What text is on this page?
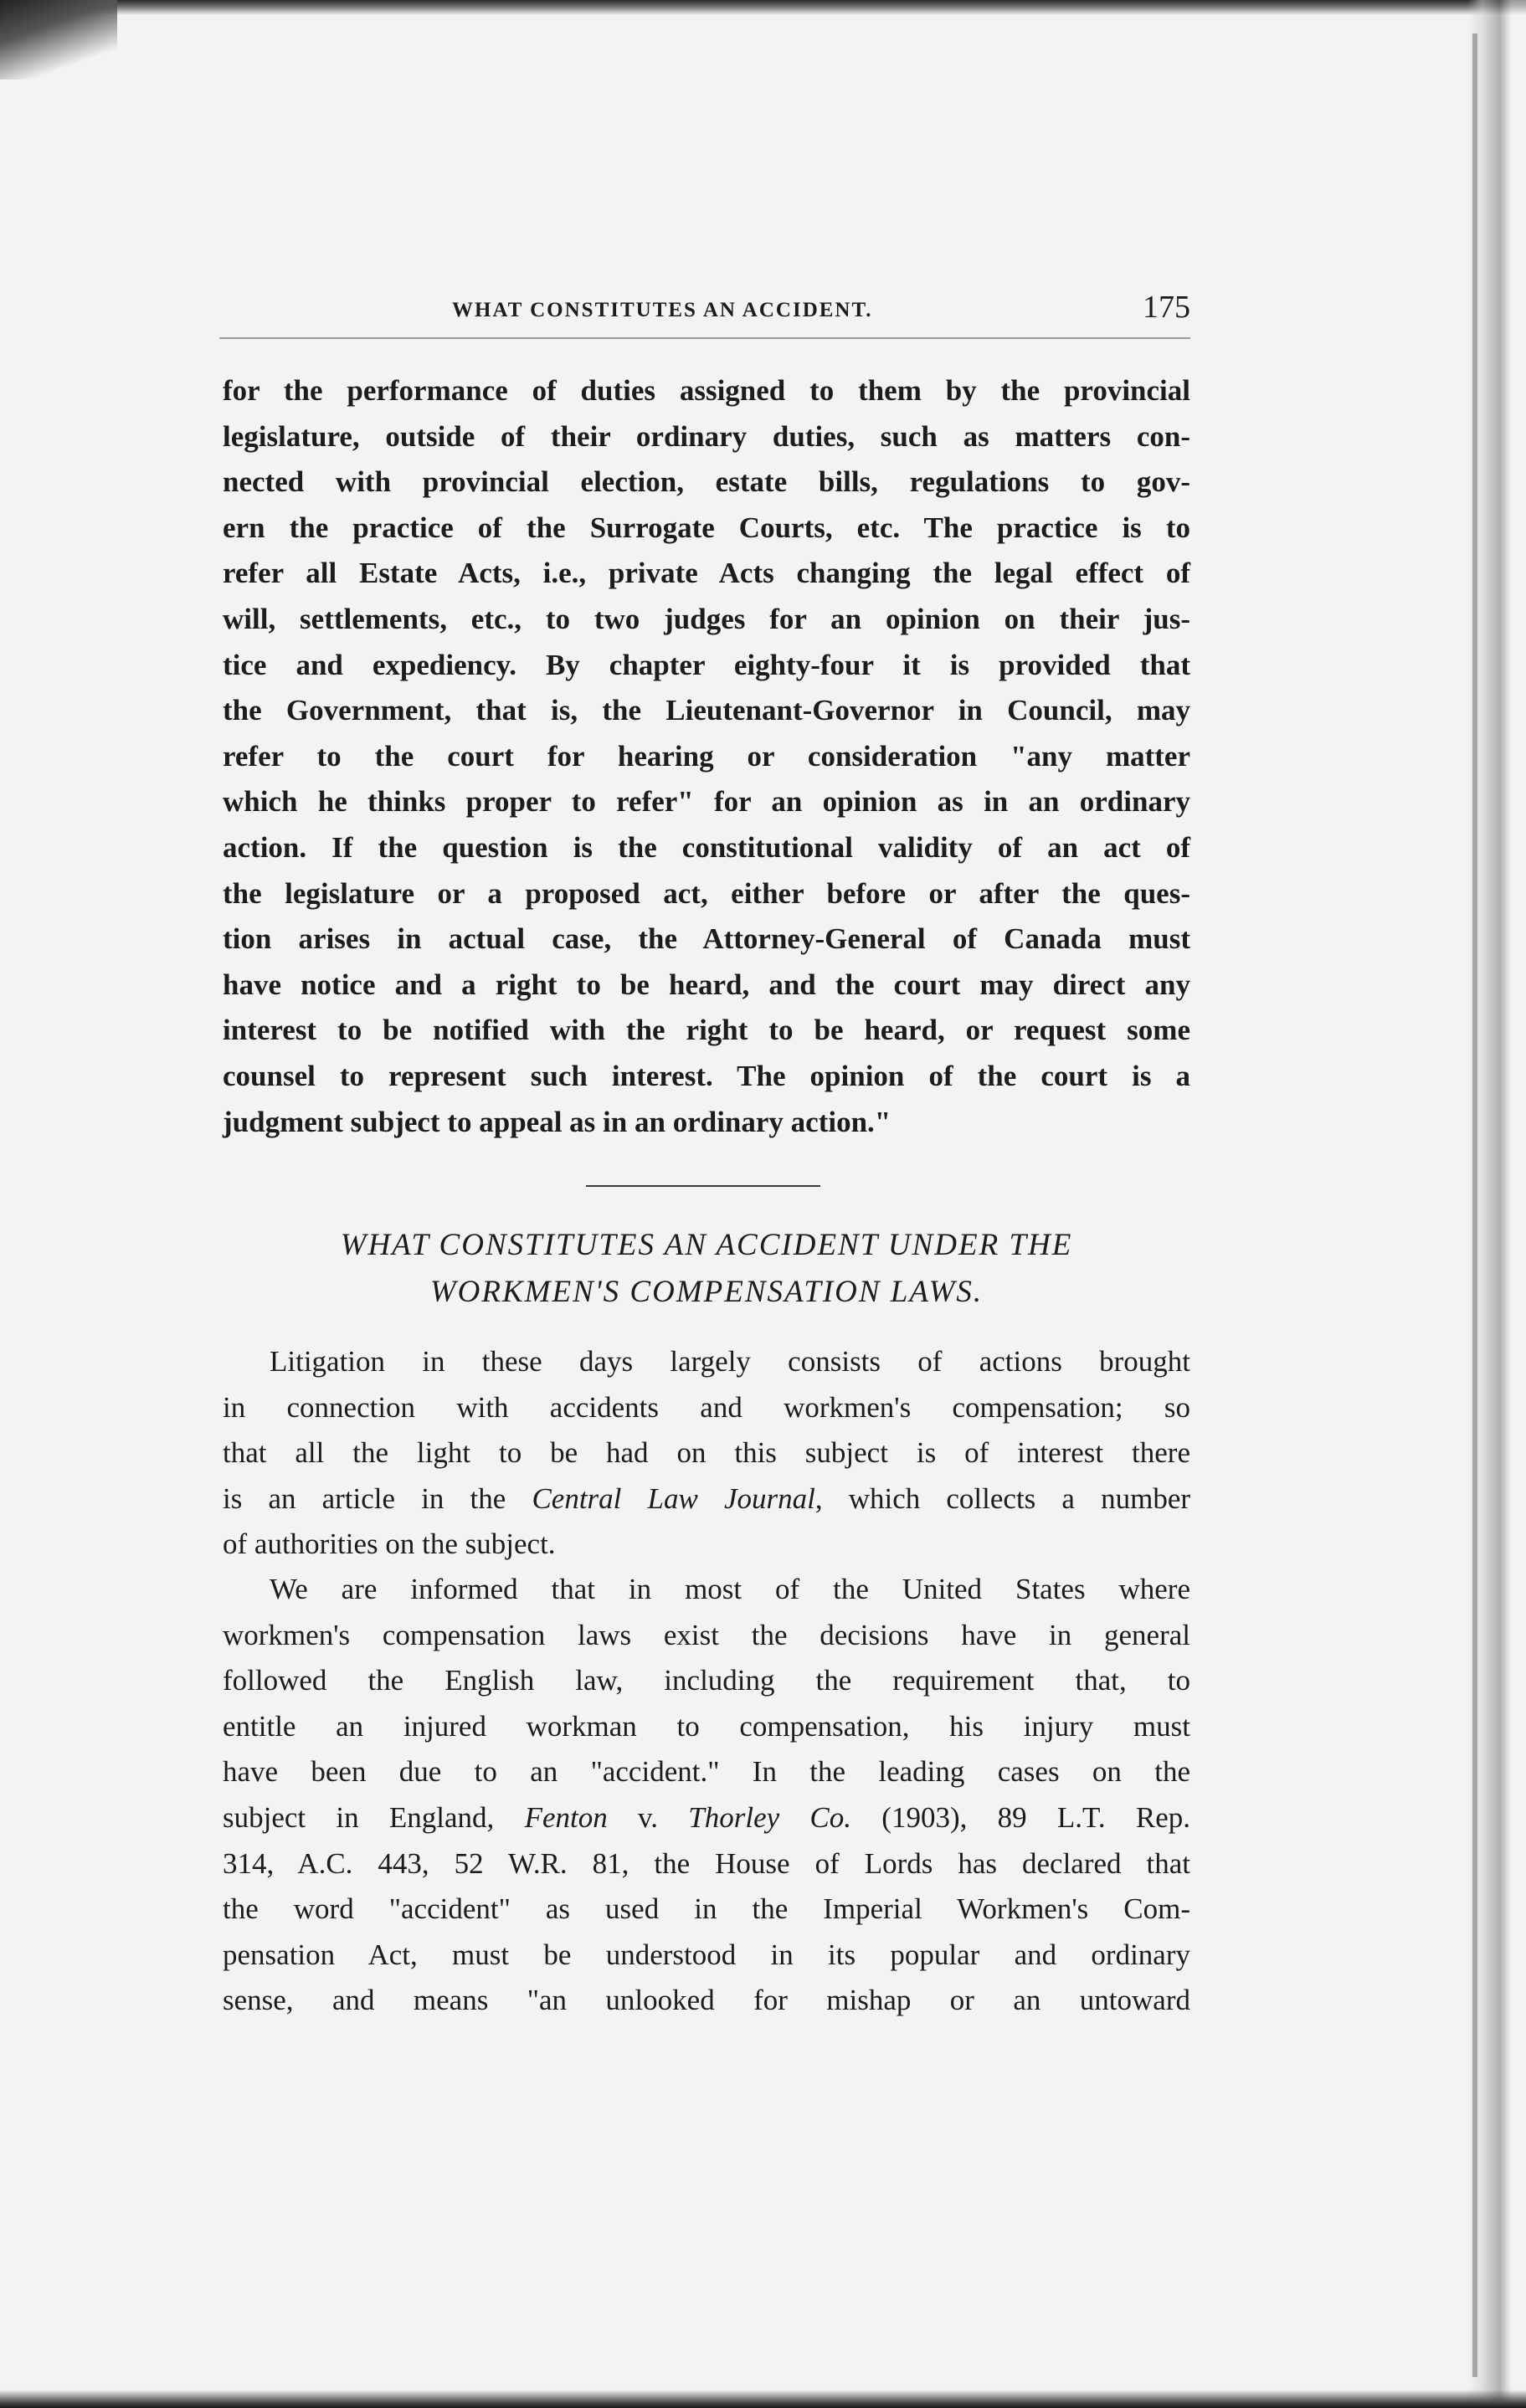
WHAT CONSTITUTES AN ACCIDENT.	175
for the performance of duties assigned to them by the provincial
legislature, outside of their ordinary duties, such as matters con-
nected with provincial election, estate bills, regulations to gov-
ern the practice of the Surrogate Courts, etc. The practice is to
refer all Estate Acts, i.e., private Acts changing the legal effect of
will, settlements, etc., to two judges for an opinion on their jus-
tice and expediency. By chapter eighty-four it is provided that
the Government, that is, the Lieutenant-Governor in Council, may
refer to the court for hearing or consideration "any matter
which he thinks proper to refer" for an opinion as in an ordinary
action. If the question is the constitutional validity of an act of
the legislature or a proposed act, either before or after the ques-
tion arises in actual case, the Attorney-General of Canada must
have notice and a right to be heard, and the court may direct any
interest to be notified with the right to be heard, or request some
counsel to represent such interest. The opinion of the court is a
judgment subject to appeal as in an ordinary action."
WHAT CONSTITUTES AN ACCIDENT UNDER THE
WORKMEN'S COMPENSATION LAWS.
Litigation in these days largely consists of actions brought
in connection with accidents and workmen's compensation; so
that all the light to be had on this subject is of interest there
is an article in the Central Law Journal, which collects a number
of authorities on the subject.
We are informed that in most of the United States where
workmen's compensation laws exist the decisions have in general
followed the English law, including the requirement that, to
entitle an injured workman to compensation, his injury must
have been due to an "accident." In the leading cases on the
subject in England, Fenton v. Thorley Co. (1903), 89 L.T. Rep.
314, A.C. 443, 52 W.R. 81, the House of Lords has declared that
the word "accident" as used in the Imperial Workmen's Com-
pensation Act, must be understood in its popular and ordinary
sense, and means "an unlooked for mishap or an untoward
